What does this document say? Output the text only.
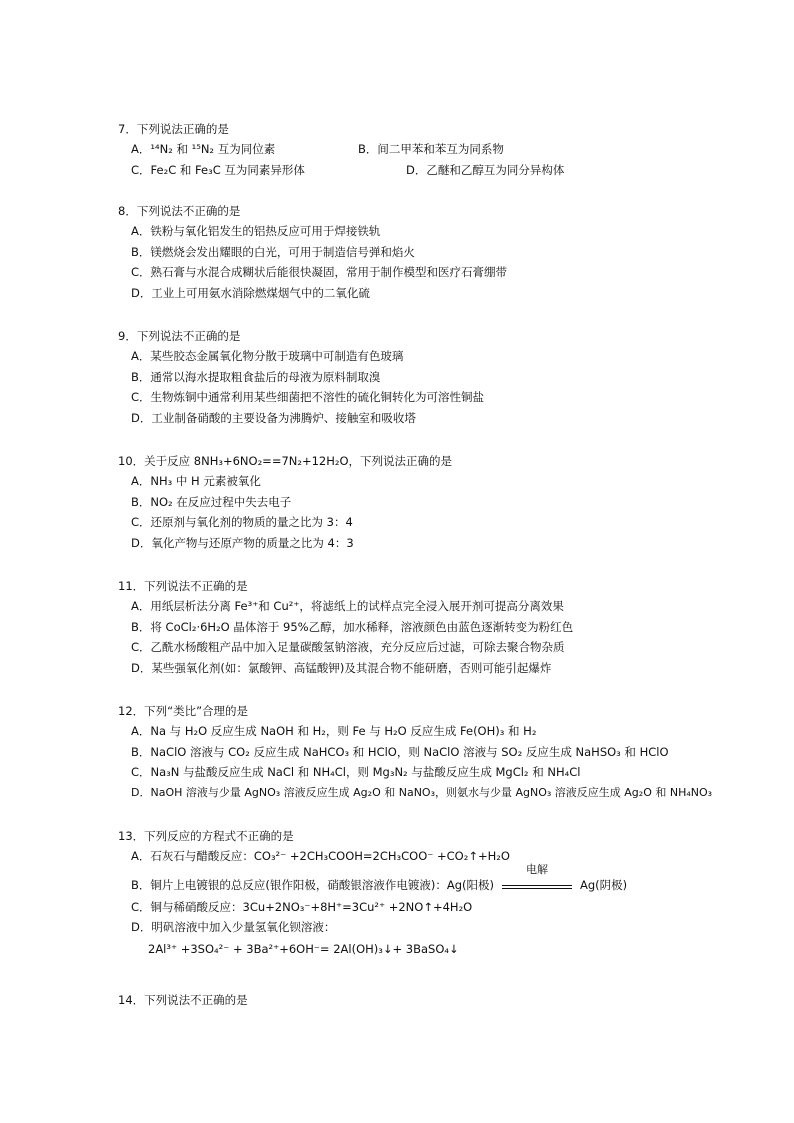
7．下列说法正确的是
A．¹⁴N₂ 和 ¹⁵N₂ 互为同位素	B．间二甲苯和苯互为同系物
C．Fe₂C 和 Fe₃C 互为同素异形体	D．乙醚和乙醇互为同分异构体
8．下列说法不正确的是
A．铁粉与氧化铝发生的铝热反应可用于焊接铁轨
B．镁燃烧会发出耀眼的白光，可用于制造信号弹和焰火
C．熟石膏与水混合成糊状后能很快凝固，常用于制作模型和医疗石膏绷带
D．工业上可用氨水消除燃煤烟气中的二氧化硫
9．下列说法不正确的是
A．某些胶态金属氧化物分散于玻璃中可制造有色玻璃
B．通常以海水提取粗食盐后的母液为原料制取溴
C．生物炼铜中通常利用某些细菌把不溶性的硫化铜转化为可溶性铜盐
D．工业制备硝酸的主要设备为沸腾炉、接触室和吸收塔
10．关于反应 8NH₃+6NO₂==7N₂+12H₂O，下列说法正确的是
A．NH₃ 中 H 元素被氧化
B．NO₂ 在反应过程中失去电子
C．还原剂与氧化剂的物质的量之比为 3：4
D．氧化产物与还原产物的质量之比为 4：3
11．下列说法不正确的是
A．用纸层析法分离 Fe³⁺和 Cu²⁺，将滤纸上的试样点完全浸入展开剂可提高分离效果
B．将 CoCl₂·6H₂O 晶体溶于 95%乙醇，加水稀释，溶液颜色由蓝色逐渐转变为粉红色
C．乙酰水杨酸粗产品中加入足量碳酸氢钠溶液，充分反应后过滤，可除去聚合物杂质
D．某些强氧化剂(如：氯酸钾、高锰酸钾)及其混合物不能研磨，否则可能引起爆炸
12．下列“类比”合理的是
A．Na 与 H₂O 反应生成 NaOH 和 H₂，则 Fe 与 H₂O 反应生成 Fe(OH)₃ 和 H₂
B．NaClO 溶液与 CO₂ 反应生成 NaHCO₃ 和 HClO，则 NaClO 溶液与 SO₂ 反应生成 NaHSO₃ 和 HClO
C．Na₃N 与盐酸反应生成 NaCl 和 NH₄Cl，则 Mg₃N₂ 与盐酸反应生成 MgCl₂ 和 NH₄Cl
D．NaOH 溶液与少量 AgNO₃ 溶液反应生成 Ag₂O 和 NaNO₃，则氨水与少量 AgNO₃ 溶液反应生成 Ag₂O 和 NH₄NO₃
13．下列反应的方程式不正确的是
A．石灰石与醋酸反应：CO₃²⁻ +2CH₃COOH=2CH₃COO⁻ +CO₂↑+H₂O
B．铜片上电镀银的总反应(银作阳极，硝酸银溶液作电镀液)：Ag(阳极)
电解
Ag(阴极)
C．铜与稀硝酸反应：3Cu+2NO₃⁻+8H⁺=3Cu²⁺ +2NO↑+4H₂O
D．明矾溶液中加入少量氢氧化钡溶液：
2Al³⁺ +3SO₄²⁻ + 3Ba²⁺+6OH⁻= 2Al(OH)₃↓+ 3BaSO₄↓
14．下列说法不正确的是
